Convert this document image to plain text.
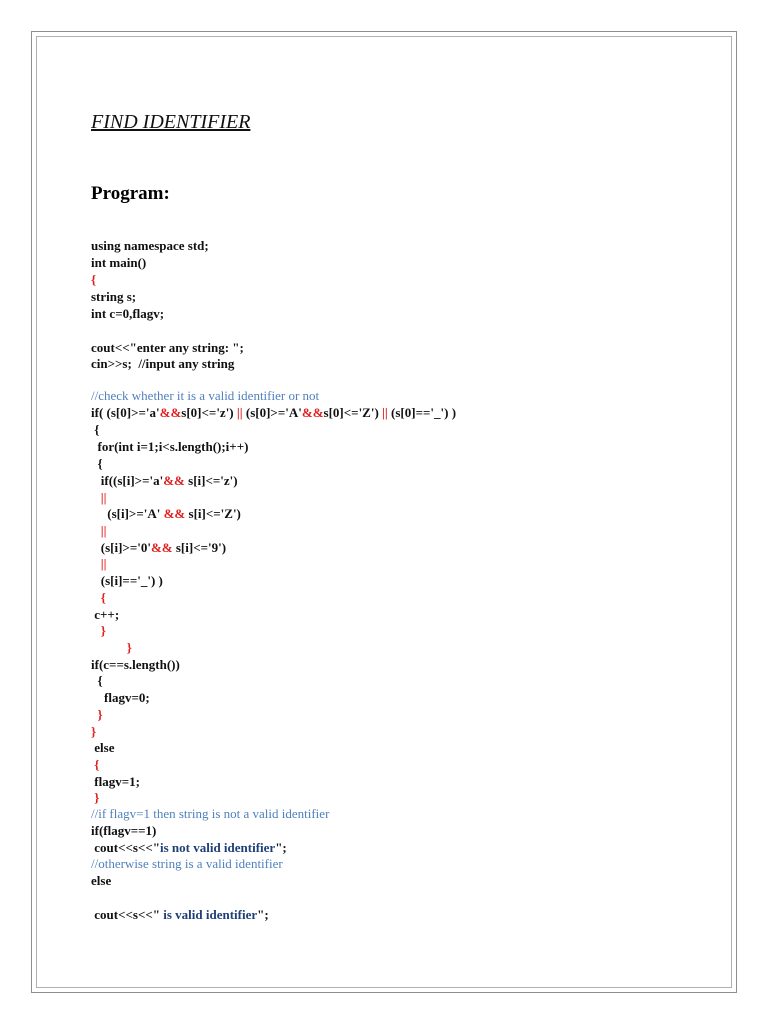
FIND IDENTIFIER
Program:
using namespace std;
int main()
{
string s;
int c=0,flagv;
cout<<"enter any string: ";
cin>>s;  //input any string
//check whether it is a valid identifier or not
if( (s[0]>='a'&&s[0]<='z') || (s[0]>='A'&&s[0]<='Z') || (s[0]=='_') )
{
for(int i=1;i<s.length();i++)
{
if((s[i]>='a'&& s[i]<='z')
||
(s[i]>='A' && s[i]<='Z')
||
(s[i]>='0'&& s[i]<='9')
||
(s[i]=='_') )
{
c++;
}
}
if(c==s.length())
{
flagv=0;
}
}
else
{
flagv=1;
}
//if flagv=1 then string is not a valid identifier
if(flagv==1)
cout<<s<<"is not valid identifier";
//otherwise string is a valid identifier
else
cout<<s<<" is valid identifier";
